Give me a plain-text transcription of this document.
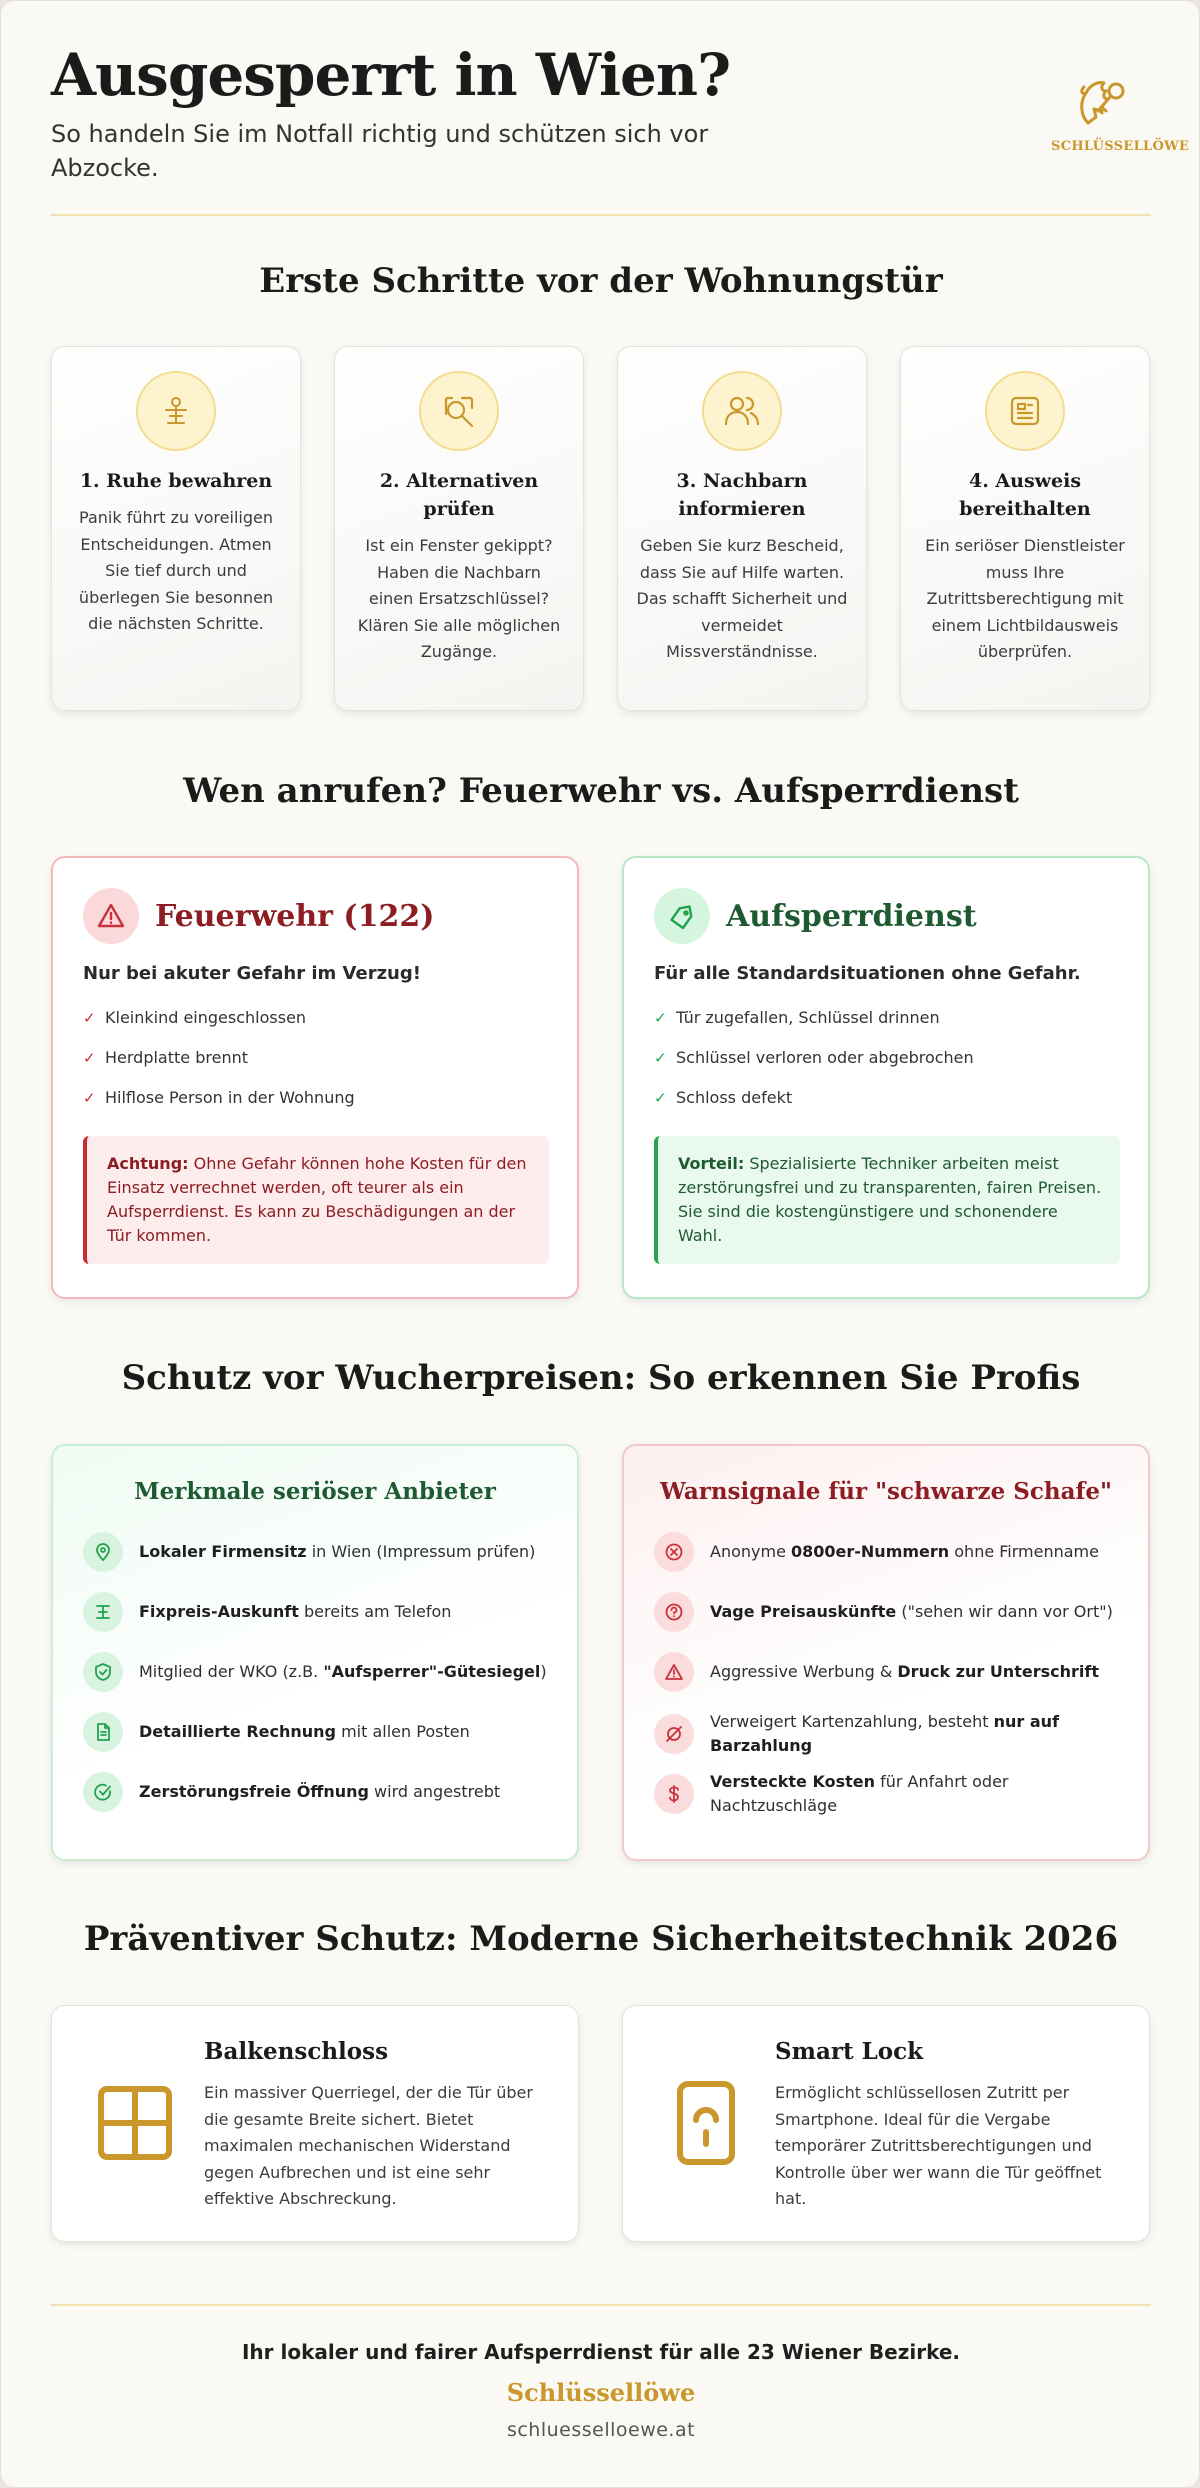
Ausgesperrt in Wien?
So handeln Sie im Notfall richtig und schützen sich vor Abzocke.
SCHLÜSSELLÖWE
Erste Schritte vor der Wohnungstür
1. Ruhe bewahren
Panik führt zu voreiligen Entscheidungen. Atmen Sie tief durch und überlegen Sie besonnen die nächsten Schritte.
2. Alternativen prüfen
Ist ein Fenster gekippt? Haben die Nachbarn einen Ersatzschlüssel? Klären Sie alle möglichen Zugänge.
3. Nachbarn informieren
Geben Sie kurz Bescheid, dass Sie auf Hilfe warten. Das schafft Sicherheit und vermeidet Missverständnisse.
4. Ausweis bereithalten
Ein seriöser Dienstleister muss Ihre Zutrittsberechtigung mit einem Lichtbildausweis überprüfen.
Wen anrufen? Feuerwehr vs. Aufsperrdienst
Feuerwehr (122)
Nur bei akuter Gefahr im Verzug!
✓ Kleinkind eingeschlossen
✓ Herdplatte brennt
✓ Hilflose Person in der Wohnung
Achtung: Ohne Gefahr können hohe Kosten für den Einsatz verrechnet werden, oft teurer als ein Aufsperrdienst. Es kann zu Beschädigungen an der Tür kommen.
Aufsperrdienst
Für alle Standardsituationen ohne Gefahr.
✓ Tür zugefallen, Schlüssel drinnen
✓ Schlüssel verloren oder abgebrochen
✓ Schloss defekt
Vorteil: Spezialisierte Techniker arbeiten meist zerstörungsfrei und zu transparenten, fairen Preisen. Sie sind die kostengünstigere und schonendere Wahl.
Schutz vor Wucherpreisen: So erkennen Sie Profis
Merkmale seriöser Anbieter
Lokaler Firmensitz in Wien (Impressum prüfen)
Fixpreis-Auskunft bereits am Telefon
Mitglied der WKO (z.B. "Aufsperrer"-Gütesiegel)
Detaillierte Rechnung mit allen Posten
Zerstörungsfreie Öffnung wird angestrebt
Warnsignale für "schwarze Schafe"
Anonyme 0800er-Nummern ohne Firmenname
Vage Preisauskünfte ("sehen wir dann vor Ort")
Aggressive Werbung & Druck zur Unterschrift
Verweigert Kartenzahlung, besteht nur auf Barzahlung
Versteckte Kosten für Anfahrt oder Nachtzuschläge
Präventiver Schutz: Moderne Sicherheitstechnik 2026
Balkenschloss
Ein massiver Querriegel, der die Tür über die gesamte Breite sichert. Bietet maximalen mechanischen Widerstand gegen Aufbrechen und ist eine sehr effektive Abschreckung.
Smart Lock
Ermöglicht schlüssellosen Zutritt per Smartphone. Ideal für die Vergabe temporärer Zutrittsberechtigungen und Kontrolle über wer wann die Tür geöffnet hat.
Ihr lokaler und fairer Aufsperrdienst für alle 23 Wiener Bezirke.
Schlüssellöwe
schluesselloewe.at
